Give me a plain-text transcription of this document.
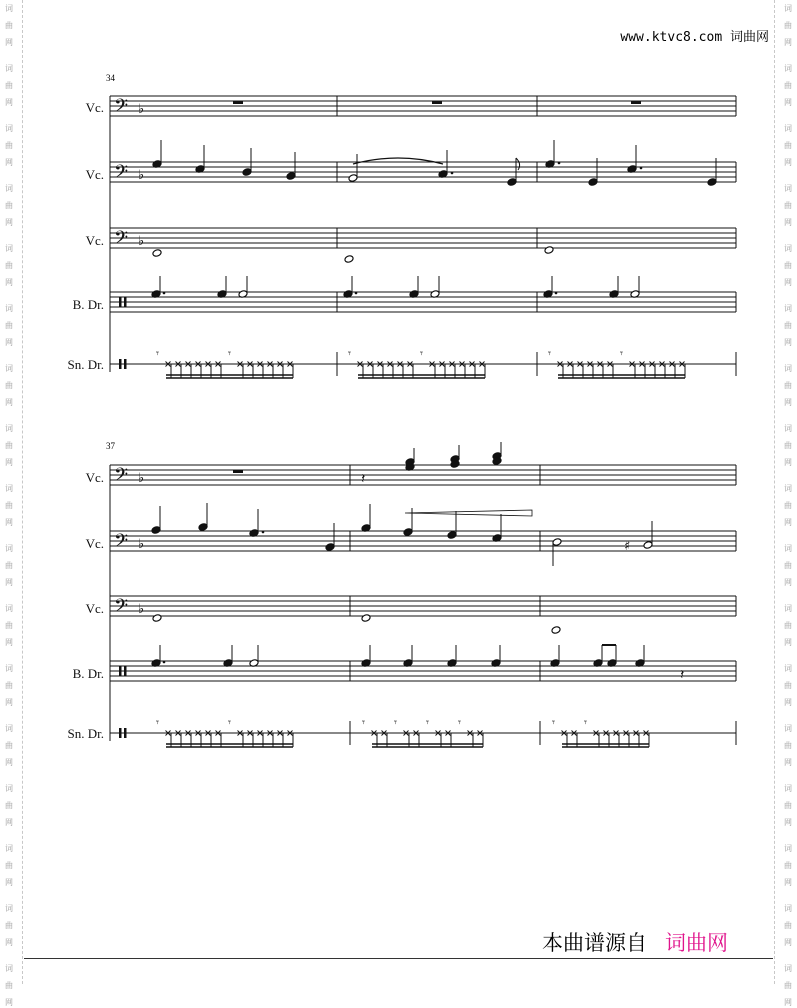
www.ktvc8.com 词曲网
34
Vc.
Vc.
Vc.
B. Dr.
Sn. Dr.
37
Vc.
Vc.
Vc.
B. Dr.
Sn. Dr.
𝄢 ♭
𝄢 ♭
𝄢 ♭
𝄢 ♭
𝄢 ♭
𝄢 ♭
𝄾	𝄾	𝄾	𝄾	𝄾	𝄾
𝄽
♯
𝄽
𝄾	𝄾	𝄾	𝄾	𝄾	𝄾	𝄾	𝄾
本曲谱源自 词曲网
词
曲
网
词
曲
网
词
曲
网
词
曲
网
词
曲
网
词
曲
网
词
曲
网
词
曲
网
词
曲
网
词
曲
网
词
曲
网
词
曲
网
词
曲
网
词
曲
网
词
曲
网
词
曲
网
词
曲
网
词
曲
网
词
曲
网
词
曲
网
词
曲
网
词
曲
网
词
曲
网
词
曲
网
词
曲
网
词
曲
网
词
曲
网
词
曲
网
词
曲
网
词
曲
网
词
曲
网
词
曲
网
词
曲
网
词
曲
网
